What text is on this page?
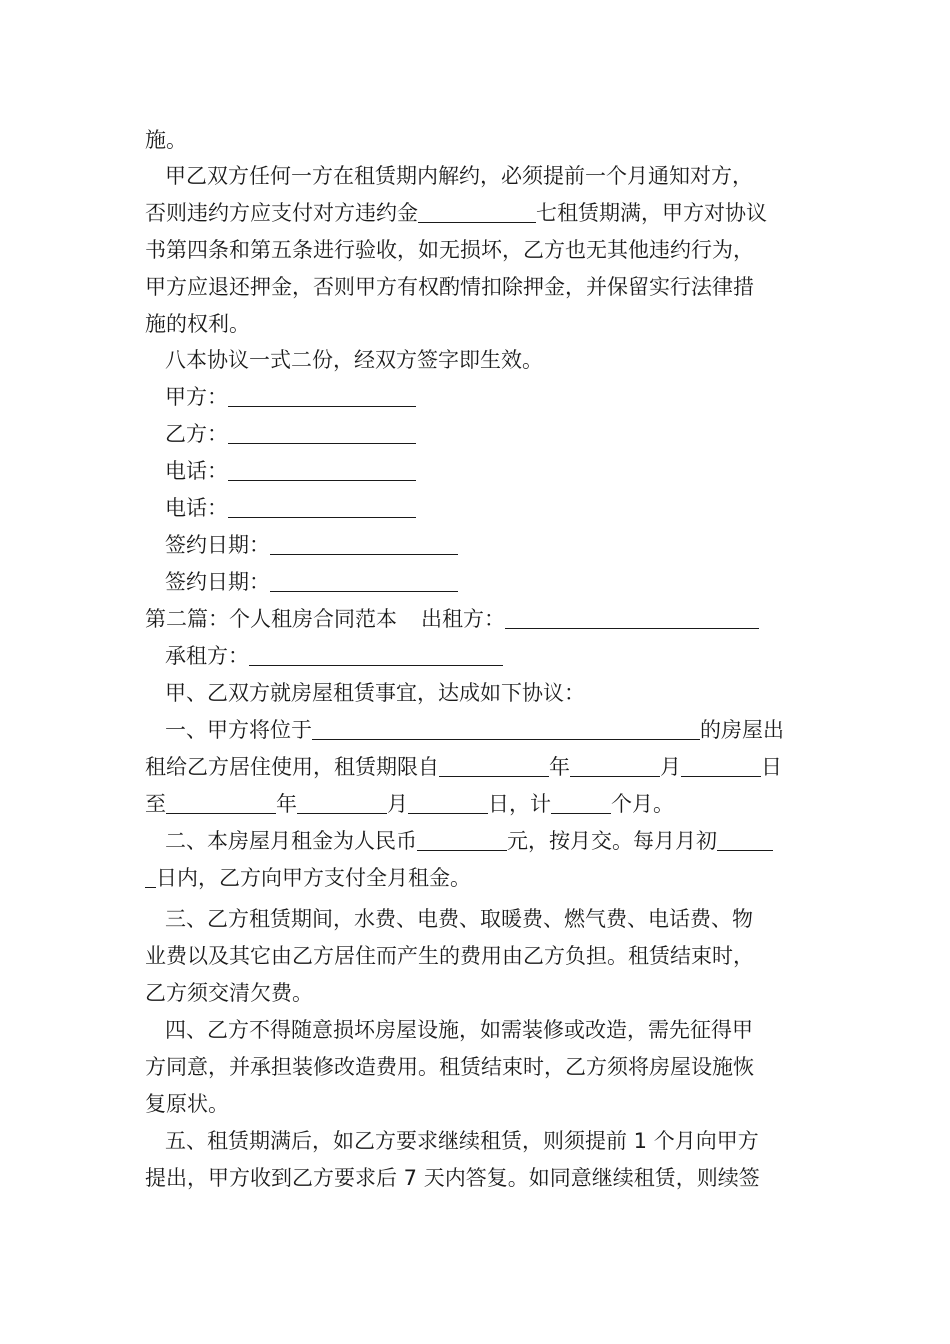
施。
甲乙双方任何一方在租赁期内解约，必须提前一个月通知对方，
否则违约方应支付对方违约金	七租赁期满，甲方对协议
书第四条和第五条进行验收，如无损坏，乙方也无其他违约行为，
甲方应退还押金，否则甲方有权酌情扣除押金，并保留实行法律措
施的权利。
八本协议一式二份，经双方签字即生效。
甲方：
乙方：
电话：
电话：
签约日期：
签约日期：
第二篇：个人租房合同范本 出租方：
承租方：
甲、乙双方就房屋租赁事宜，达成如下协议：
一、甲方将位于	的房屋出
租给乙方居住使用，租赁期限自	年	月	日
至	年	月	日，计	个月。
二、本房屋月租金为人民币	元，按月交。每月月初
日内，乙方向甲方支付全月租金。
三、乙方租赁期间，水费、电费、取暖费、燃气费、电话费、物
业费以及其它由乙方居住而产生的费用由乙方负担。租赁结束时，
乙方须交清欠费。
四、乙方不得随意损坏房屋设施，如需装修或改造，需先征得甲
方同意，并承担装修改造费用。租赁结束时，乙方须将房屋设施恢
复原状。
五、租赁期满后，如乙方要求继续租赁，则须提前 1 个月向甲方
提出，甲方收到乙方要求后 7 天内答复。如同意继续租赁，则续签
